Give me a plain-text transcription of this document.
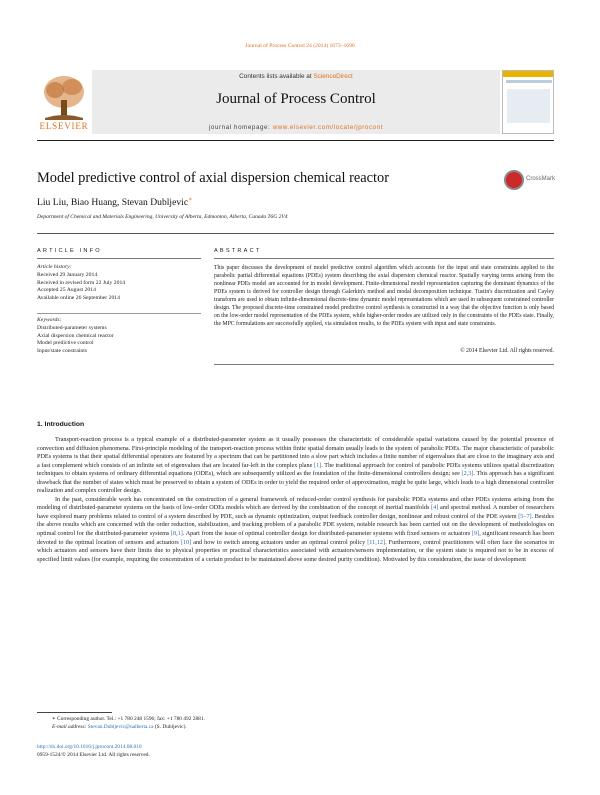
Journal of Process Control 24 (2014) 1673–1690
Contents lists available at ScienceDirect
Journal of Process Control
journal homepage: www.elsevier.com/locate/jprocont
ELSEVIER
Model predictive control of axial dispersion chemical reactor	CrossMark
Liu Liu, Biao Huang, Stevan Dubljevic∗
Department of Chemical and Materials Engineering, University of Alberta, Edmonton, Alberta, Canada T6G 2V4
ARTICLE INFO	ABSTRACT
Article history:
Received 29 January 2014
Received in revised form 22 July 2014
Accepted 25 August 2014
Available online 26 September 2014
Keywords:
Distributed-parameter systems
Axial dispersion chemical reactor
Model predictive control
Input/state constraints
This paper discusses the development of model predictive control algorithm which accounts for the input and state constraints applied to the parabolic partial differential equations (PDEs) system describing the axial dispersion chemical reactor. Spatially varying terms arising from the nonlinear PDEs model are accounted for in model development. Finite-dimensional model representation capturing the dominant dynamics of the PDEs system is derived for controller design through Galerkin's method and modal decomposition technique. Tustin's discretization and Cayley transform are used to obtain infinite-dimensional discrete-time dynamic model representations which are used in subsequent constrained controller design. The proposed discrete-time constrained model predictive control synthesis is constructed in a way that the objective function is only based on the low-order model representation of the PDEs system, while higher-order modes are utilized only in the constraints of the PDEs state. Finally, the MPC formulations are successfully applied, via simulation results, to the PDEs system with input and state constraints.
© 2014 Elsevier Ltd. All rights reserved.
1. Introduction

Transport-reaction process is a typical example of a distributed-parameter system as it usually possesses the characteristic of considerable spatial variations caused by the potential presence of convection and diffusion phenomena. First-principle modeling of the transport-reaction process within finite spatial domain usually leads to the system of parabolic PDEs. The major characteristic of parabolic PDEs systems is that their spatial differential operators are featured by a spectrum that can be partitioned into a slow part which includes a finite number of eigenvalues that are close to the imaginary axis and a fast complement which consists of an infinite set of eigenvalues that are located far-left in the complex plane [1]. The traditional approach for control of parabolic PDEs systems utilizes spatial discretization techniques to obtain systems of ordinary differential equations (ODEs), which are subsequently utilized as the foundation of the finite-dimensional controllers design; see [2,3]. This approach has a significant drawback that the number of states which must be preserved to obtain a system of ODEs in order to yield the required order of approximation, might be quite large, which leads to a high dimensional controller realization and complex controller design.

In the past, considerable work has concentrated on the construction of a general framework of reduced-order control synthesis for parabolic PDEs systems and other PDEs systems arising from the modeling of distributed-parameter systems on the basis of low-order ODEs models which are derived by the combination of the concept of inertial manifolds [4] and spectral method. A number of researchers have explored many problems related to control of a system described by PDE, such as dynamic optimization, output feedback controller design, nonlinear and robust control of the PDE system [5–7]. Besides the above results which are concerned with the order reduction, stabilization, and tracking problem of a parabolic PDE system, notable research has been carried out on the development of methodologies on optimal control for the distributed-parameter systems [8,1]. Apart from the issue of optimal controller design for distributed-parameter systems with fixed sensors or actuators [9], significant research has been devoted to the optimal location of sensors and actuators [10] and how to switch among actuators under an optimal control policy [11,12]. Furthermore, control practitioners will often face the scenarios in which actuators and sensors have their limits due to physical properties or practical characteristics associated with actuators/sensors implementation, or the system state is required not to be in excess of specified limit values (for example, requiring the concentration of a certain product to be maintained above some desired purity condition). Motivated by this consideration, the issue of development

∗ Corresponding author. Tel.: +1 780 248 1596; fax: +1 780 492 2881.
E-mail address: Stevan.Dubljevic@ualberta.ca (S. Dubljevic).
http://dx.doi.org/10.1016/j.jprocont.2014.08.010
0959-1524/© 2014 Elsevier Ltd. All rights reserved.
